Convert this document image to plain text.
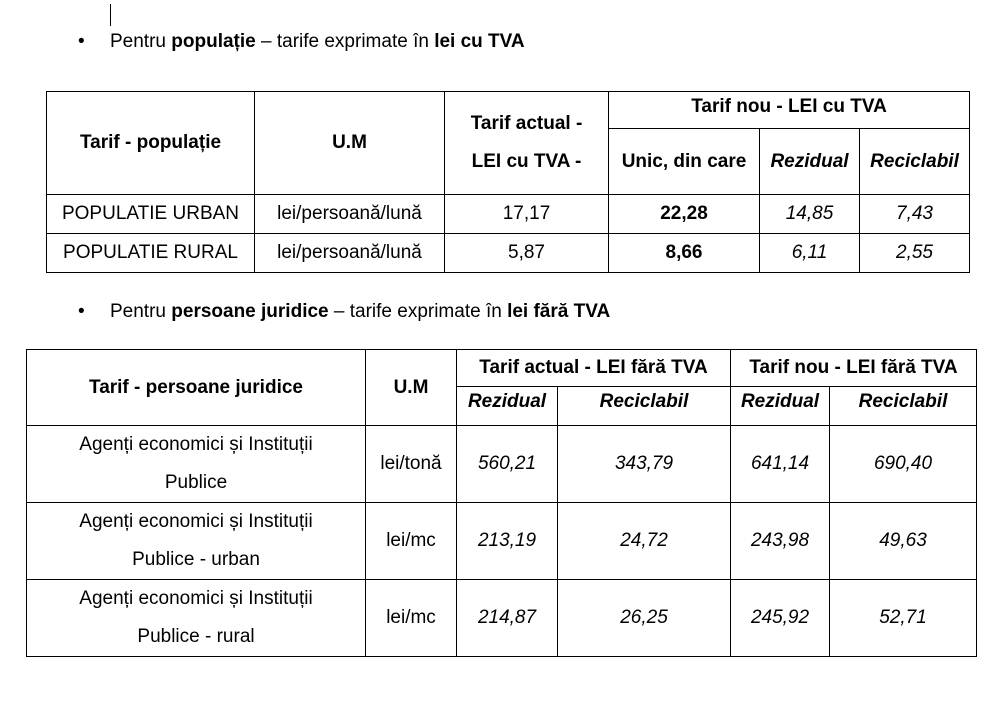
•	Pentru populație – tarife exprimate în lei cu TVA
Tarif - populație	U.M	Tarif actual - LEI cu TVA -	Tarif nou - LEI cu TVA		
			Unic, din care	Rezidual	Reciclabil
POPULATIE URBAN	lei/persoană/lună	17,17	22,28	14,85	7,43
POPULATIE RURAL	lei/persoană/lună	5,87	8,66	6,11	2,55
•	Pentru persoane juridice – tarife exprimate în lei fără TVA
Tarif - persoane juridice	U.M	Tarif actual - LEI fără TVA		Tarif nou - LEI fără TVA	
		Rezidual	Reciclabil	Rezidual	Reciclabil
Agenți economici și Instituții Publice	lei/tonă	560,21	343,79	641,14	690,40
Agenți economici și Instituții Publice - urban	lei/mc	213,19	24,72	243,98	49,63
Agenți economici și Instituții Publice - rural	lei/mc	214,87	26,25	245,92	52,71
